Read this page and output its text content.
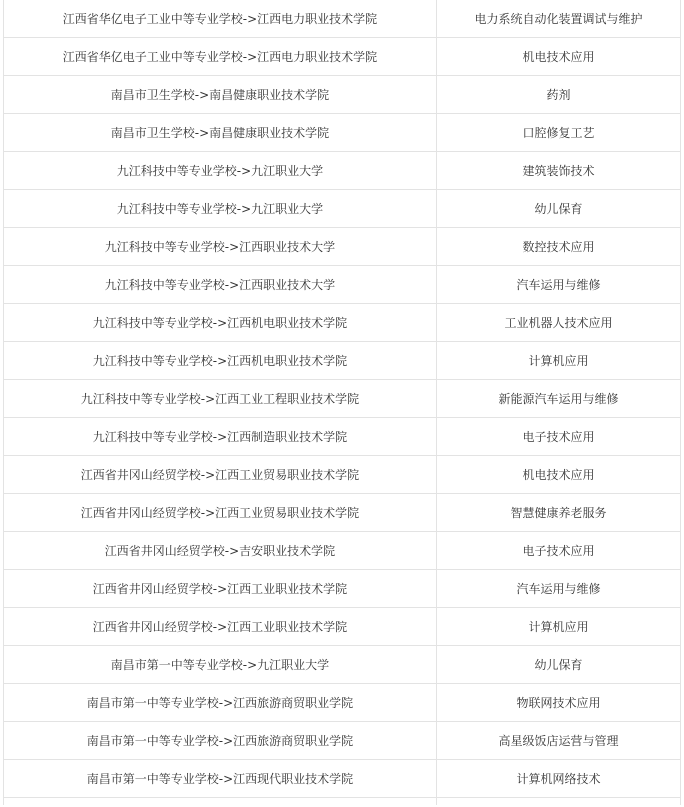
江西省华亿电子工业中等专业学校->江西电力职业技术学院	电力系统自动化装置调试与维护
江西省华亿电子工业中等专业学校->江西电力职业技术学院	机电技术应用
南昌市卫生学校->南昌健康职业技术学院	药剂
南昌市卫生学校->南昌健康职业技术学院	口腔修复工艺
九江科技中等专业学校->九江职业大学	建筑装饰技术
九江科技中等专业学校->九江职业大学	幼儿保育
九江科技中等专业学校->江西职业技术大学	数控技术应用
九江科技中等专业学校->江西职业技术大学	汽车运用与维修
九江科技中等专业学校->江西机电职业技术学院	工业机器人技术应用
九江科技中等专业学校->江西机电职业技术学院	计算机应用
九江科技中等专业学校->江西工业工程职业技术学院	新能源汽车运用与维修
九江科技中等专业学校->江西制造职业技术学院	电子技术应用
江西省井冈山经贸学校->江西工业贸易职业技术学院	机电技术应用
江西省井冈山经贸学校->江西工业贸易职业技术学院	智慧健康养老服务
江西省井冈山经贸学校->吉安职业技术学院	电子技术应用
江西省井冈山经贸学校->江西工业职业技术学院	汽车运用与维修
江西省井冈山经贸学校->江西工业职业技术学院	计算机应用
南昌市第一中等专业学校->九江职业大学	幼儿保育
南昌市第一中等专业学校->江西旅游商贸职业学院	物联网技术应用
南昌市第一中等专业学校->江西旅游商贸职业学院	高星级饭店运营与管理
南昌市第一中等专业学校->江西现代职业技术学院	计算机网络技术
